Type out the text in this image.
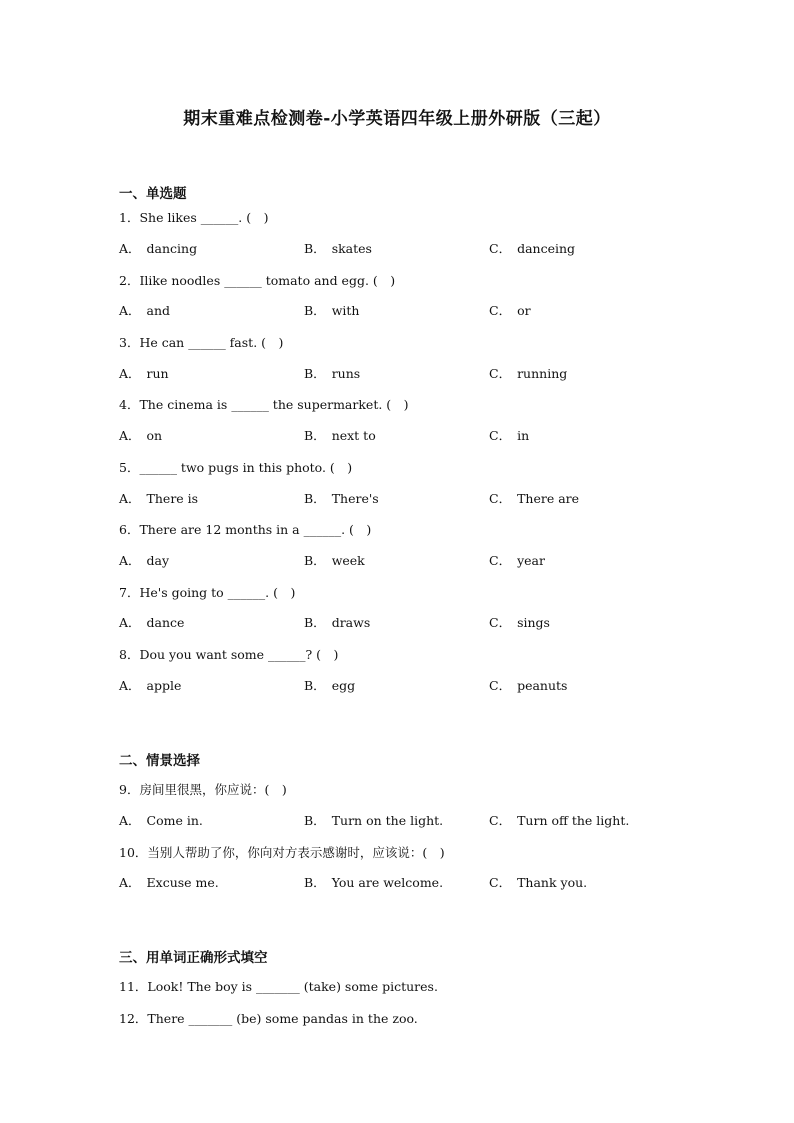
期末重难点检测卷-小学英语四年级上册外研版（三起）
一、单选题
1．She likes ______. (　)
A． dancing	B． skates	C． danceing
2．Ilike noodles ______ tomato and egg. (　)
A． and	B． with	C． or
3．He can ______ fast. (　)
A． run	B． runs	C． running
4．The cinema is ______ the supermarket. (　)
A． on	B． next to	C． in
5．______ two pugs in this photo. (　)
A． There is	B． There's	C． There are
6．There are 12 months in a ______. (　)
A． day	B． week	C． year
7．He's going to ______. (　)
A． dance	B． draws	C． sings
8．Dou you want some ______? (　)
A． apple	B． egg	C． peanuts
二、情景选择
9．房间里很黑，你应说：(　)
A． Come in.	B． Turn on the light.	C． Turn off the light.
10．当别人帮助了你，你向对方表示感谢时，应该说：(　)
A． Excuse me.	B． You are welcome.	C． Thank you.
三、用单词正确形式填空
11．Look! The boy is _______ (take) some pictures.
12．There _______ (be) some pandas in the zoo.
